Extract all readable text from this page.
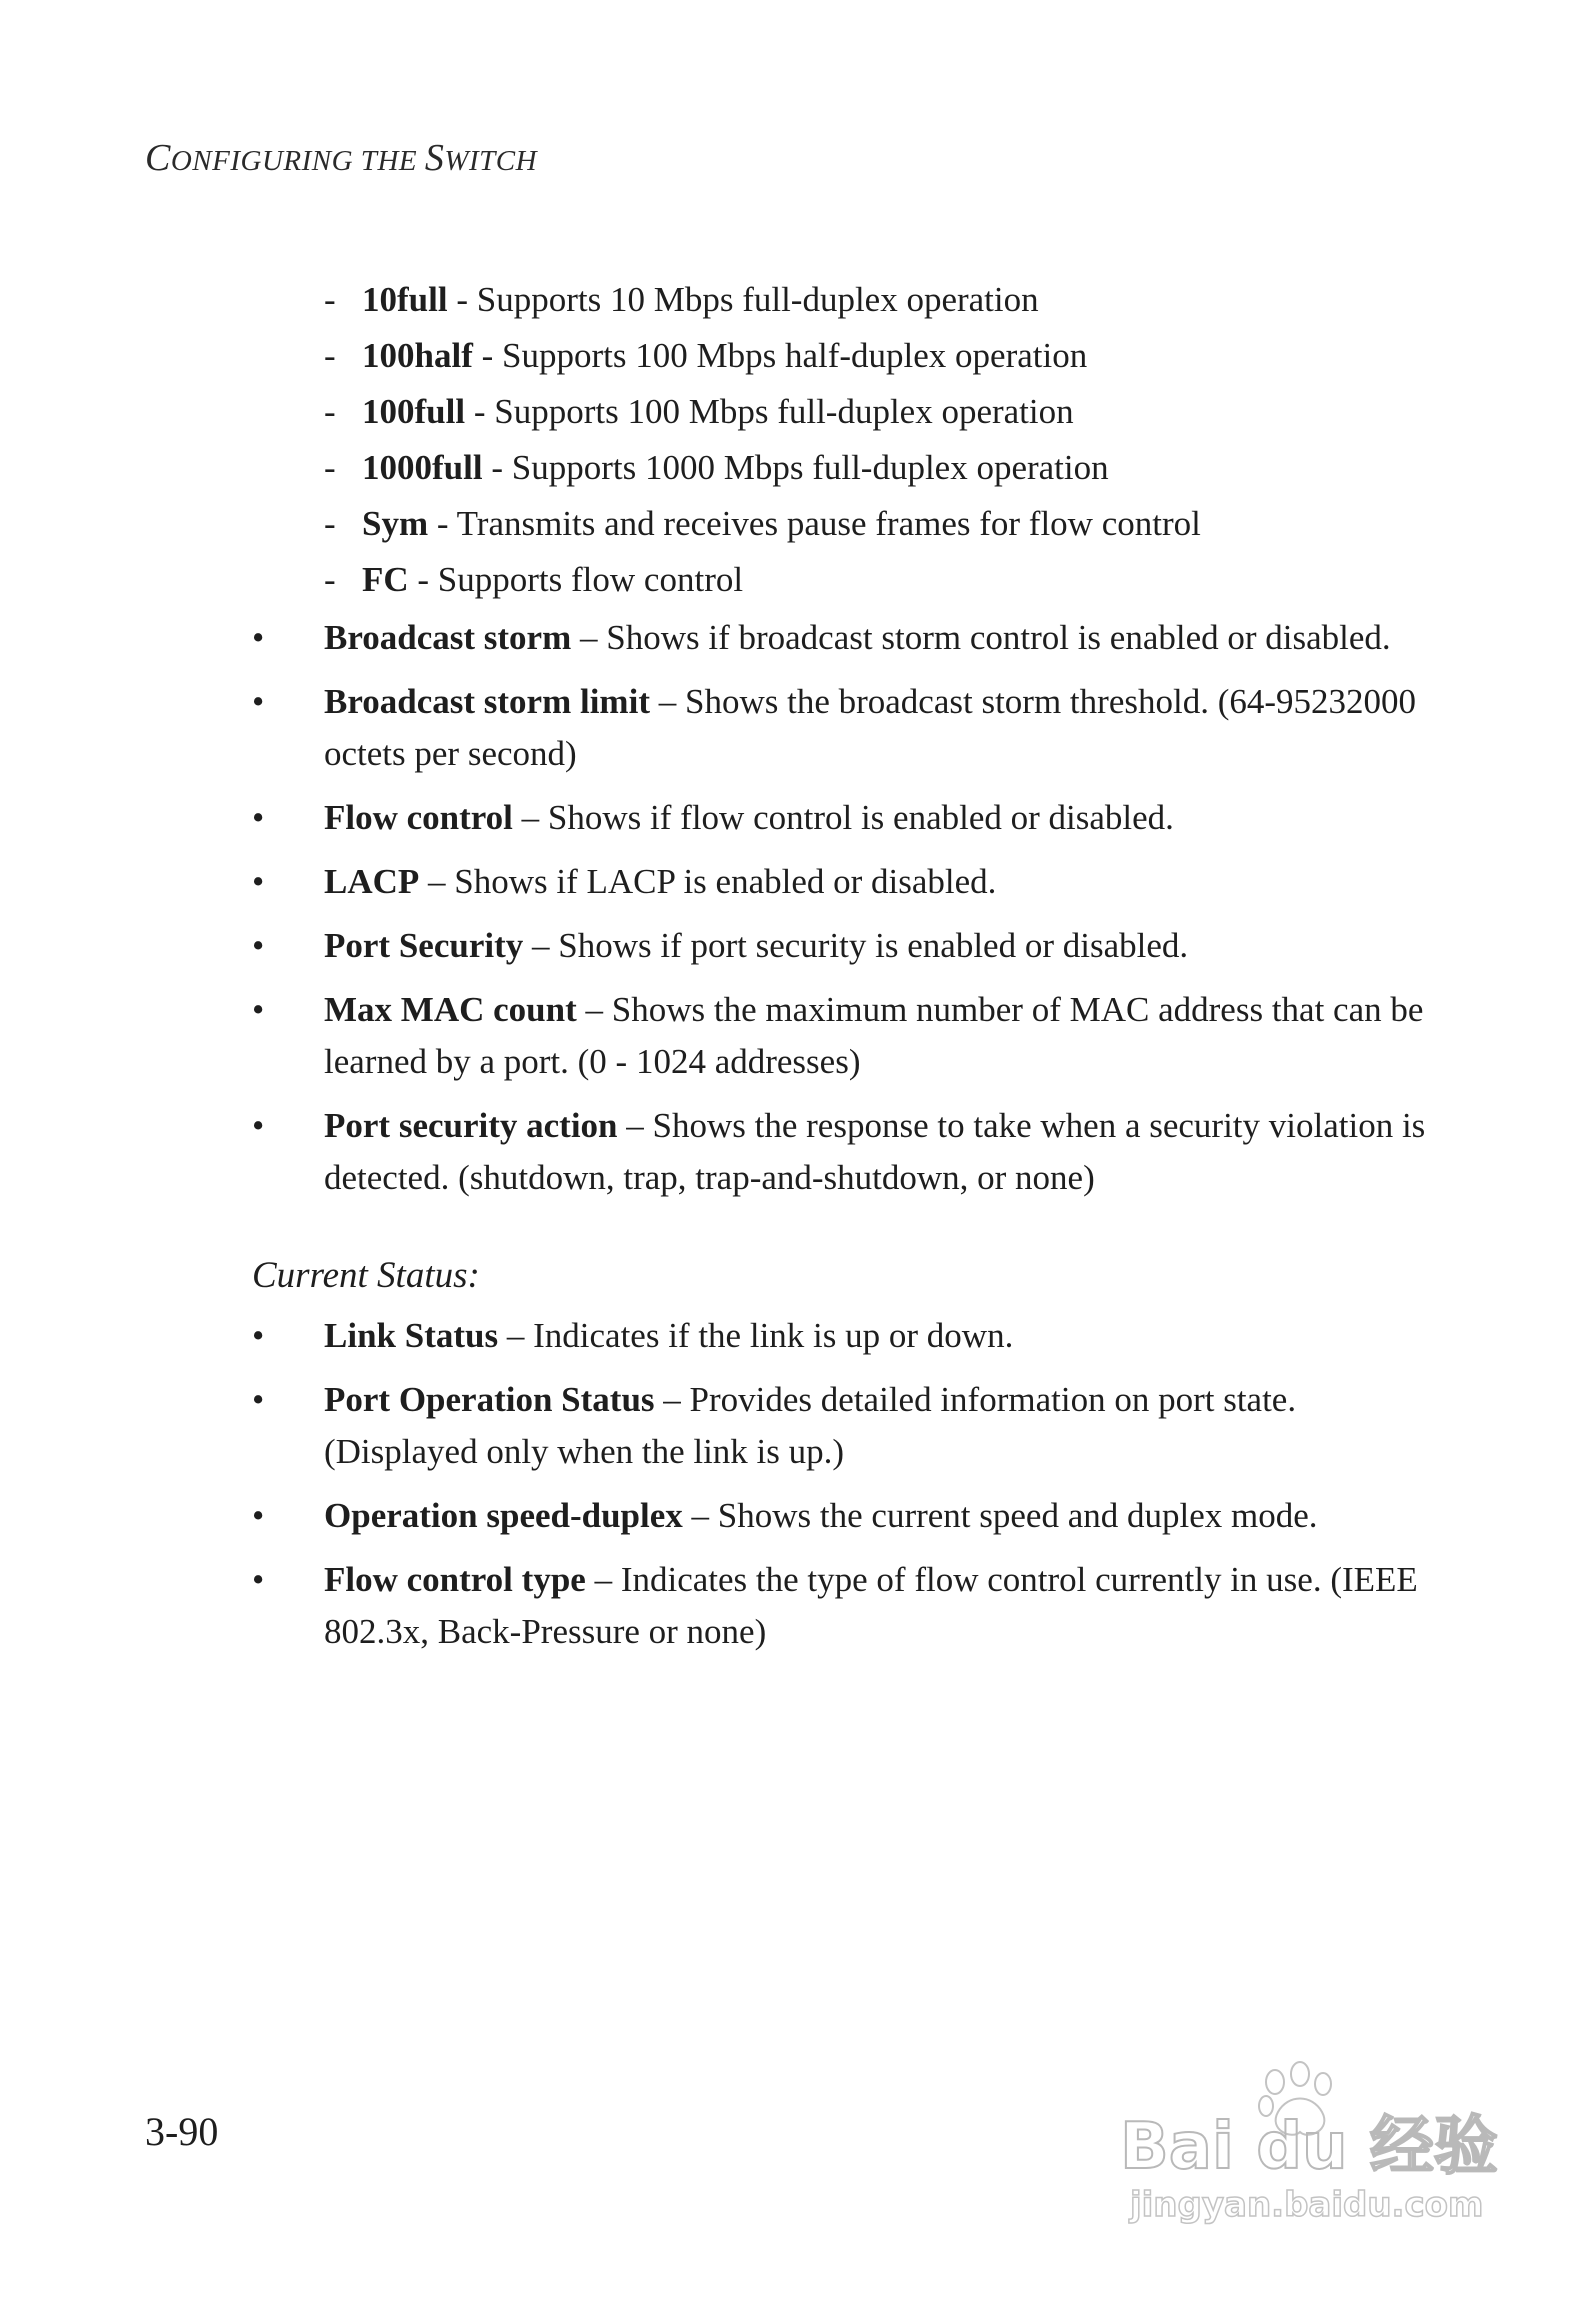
CONFIGURING THE SWITCH
- 10full - Supports 10 Mbps full-duplex operation
- 100half - Supports 100 Mbps half-duplex operation
- 100full - Supports 100 Mbps full-duplex operation
- 1000full - Supports 1000 Mbps full-duplex operation
- Sym - Transmits and receives pause frames for flow control
- FC - Supports flow control
•	Broadcast storm – Shows if broadcast storm control is enabled or disabled.
•	Broadcast storm limit – Shows the broadcast storm threshold. (64-95232000 octets per second)
•	Flow control – Shows if flow control is enabled or disabled.
•	LACP – Shows if LACP is enabled or disabled.
•	Port Security – Shows if port security is enabled or disabled.
•	Max MAC count – Shows the maximum number of MAC address that can be learned by a port. (0 - 1024 addresses)
•	Port security action – Shows the response to take when a security violation is detected. (shutdown, trap, trap-and-shutdown, or none)
Current Status:
•	Link Status – Indicates if the link is up or down.
•	Port Operation Status – Provides detailed information on port state. (Displayed only when the link is up.)
•	Operation speed-duplex – Shows the current speed and duplex mode.
•	Flow control type – Indicates the type of flow control currently in use. (IEEE 802.3x, Back-Pressure or none)
3-90	Bai du 经验
jingyan.baidu.com
